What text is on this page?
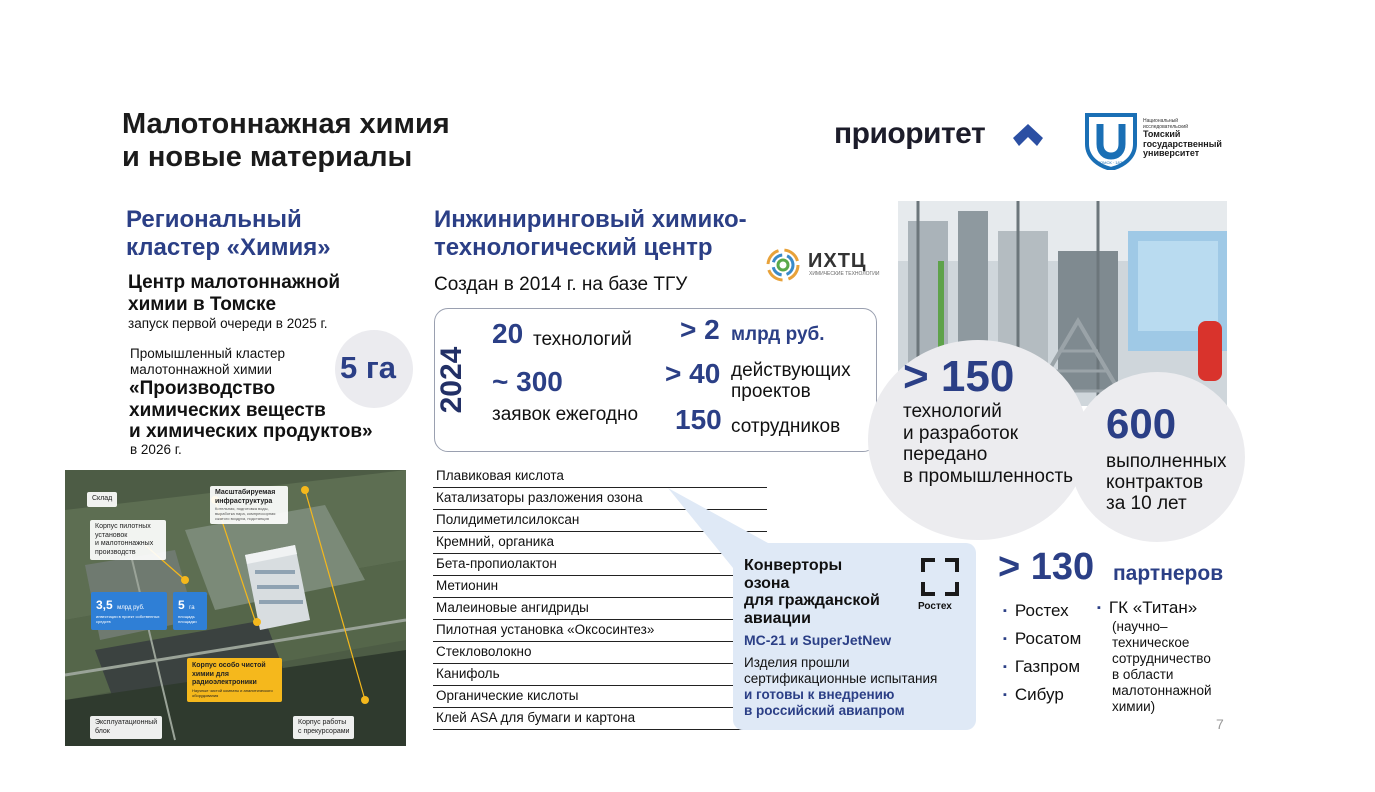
Малотоннажная химия
и новые материалы
приоритет
ТОМСК · 1878
Национальный
исследовательский
Томский
государственный
университет
Региональный
кластер «Химия»
Центр малотоннажной
химии в Томске
запуск первой очереди в 2025 г.
Промышленный кластер
малотоннажной химии
«Производство
химических веществ
и химических продуктов»
в 2026 г.
5 га
Склад
Масштабируемая
инфраструктура
Котельная, подготовка воды, выработка пара, компрессорная сжатого воздуха, подстанция
Корпус пилотных
установок
и малотоннажных
производств
3,5 млрд руб.
инвестиции в проект собственных средств
5 га
площадь площадки
Корпус особо чистой
химии для
радиоэлектроники
Научные чистой комнаты и аналитического оборудования
Эксплуатационный
блок
Корпус работы
с прекурсорами
Инжиниринговый химико-
технологический центр	ИХТЦ
ХИМИЧЕСКИЕ ТЕХНОЛОГИИ
Создан в 2014 г. на базе ТГУ
2024
20 технологий
~ 300
заявок ежегодно
> 2 млрд руб.
> 40 действующих
проектов
150 сотрудников
Плавиковая кислота
Катализаторы разложения озона
Полидиметилсилоксан
Кремний, органика
Бета-пропиолактон
Метионин
Малеиновые ангидриды
Пилотная установка «Оксосинтез»
Стекловолокно
Канифоль
Органические кислоты
Клей ASA для бумаги и картона
Конверторы
озона
для гражданской
авиации
МС-21 и SuperJetNew
Изделия прошли
сертификационные испытания
и готовы к внедрению
в российский авиапром
Ростех
> 150
технологий
и разработок
передано
в промышленность
600
выполненных
контрактов
за 10 лет
> 130 партнеров
▪ Ростех
▪ Росатом
▪ Газпром
▪ Сибур
▪ ГК «Титан»
(научно–
техническое
сотрудничество
в области
малотоннажной
химии)
7
